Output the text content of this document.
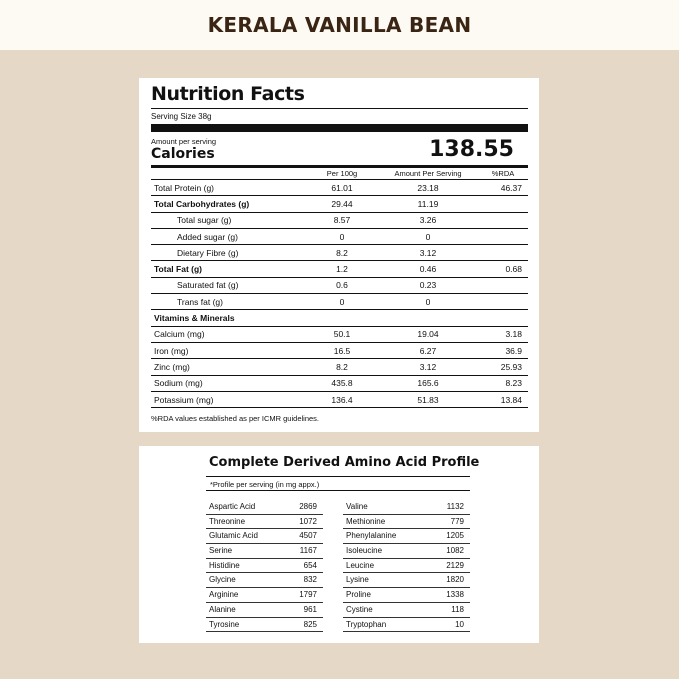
KERALA VANILLA BEAN
Nutrition Facts
Serving Size 38g
Amount per serving
Calories	138.55
	Per 100g	Amount Per Serving	%RDA
Total Protein (g)	61.01	23.18	46.37
Total Carbohydrates (g)	29.44	11.19	
Total sugar (g)	8.57	3.26	
Added sugar (g)	0	0	
Dietary Fibre (g)	8.2	3.12	
Total Fat (g)	1.2	0.46	0.68
Saturated fat (g)	0.6	0.23	
Trans fat (g)	0	0	
Vitamins & Minerals			
Calcium (mg)	50.1	19.04	3.18
Iron (mg)	16.5	6.27	36.9
Zinc (mg)	8.2	3.12	25.93
Sodium (mg)	435.8	165.6	8.23
Potassium (mg)	136.4	51.83	13.84
%RDA values established as per ICMR guidelines.
Complete Derived Amino Acid Profile
*Profile per serving (in mg appx.)
Aspartic Acid	2869	Valine	1132
Threonine	1072	Methionine	779
Glutamic Acid	4507	Phenylalanine	1205
Serine	1167	Isoleucine	1082
Histidine	654	Leucine	2129
Glycine	832	Lysine	1820
Arginine	1797	Proline	1338
Alanine	961	Cystine	118
Tyrosine	825	Tryptophan	10
